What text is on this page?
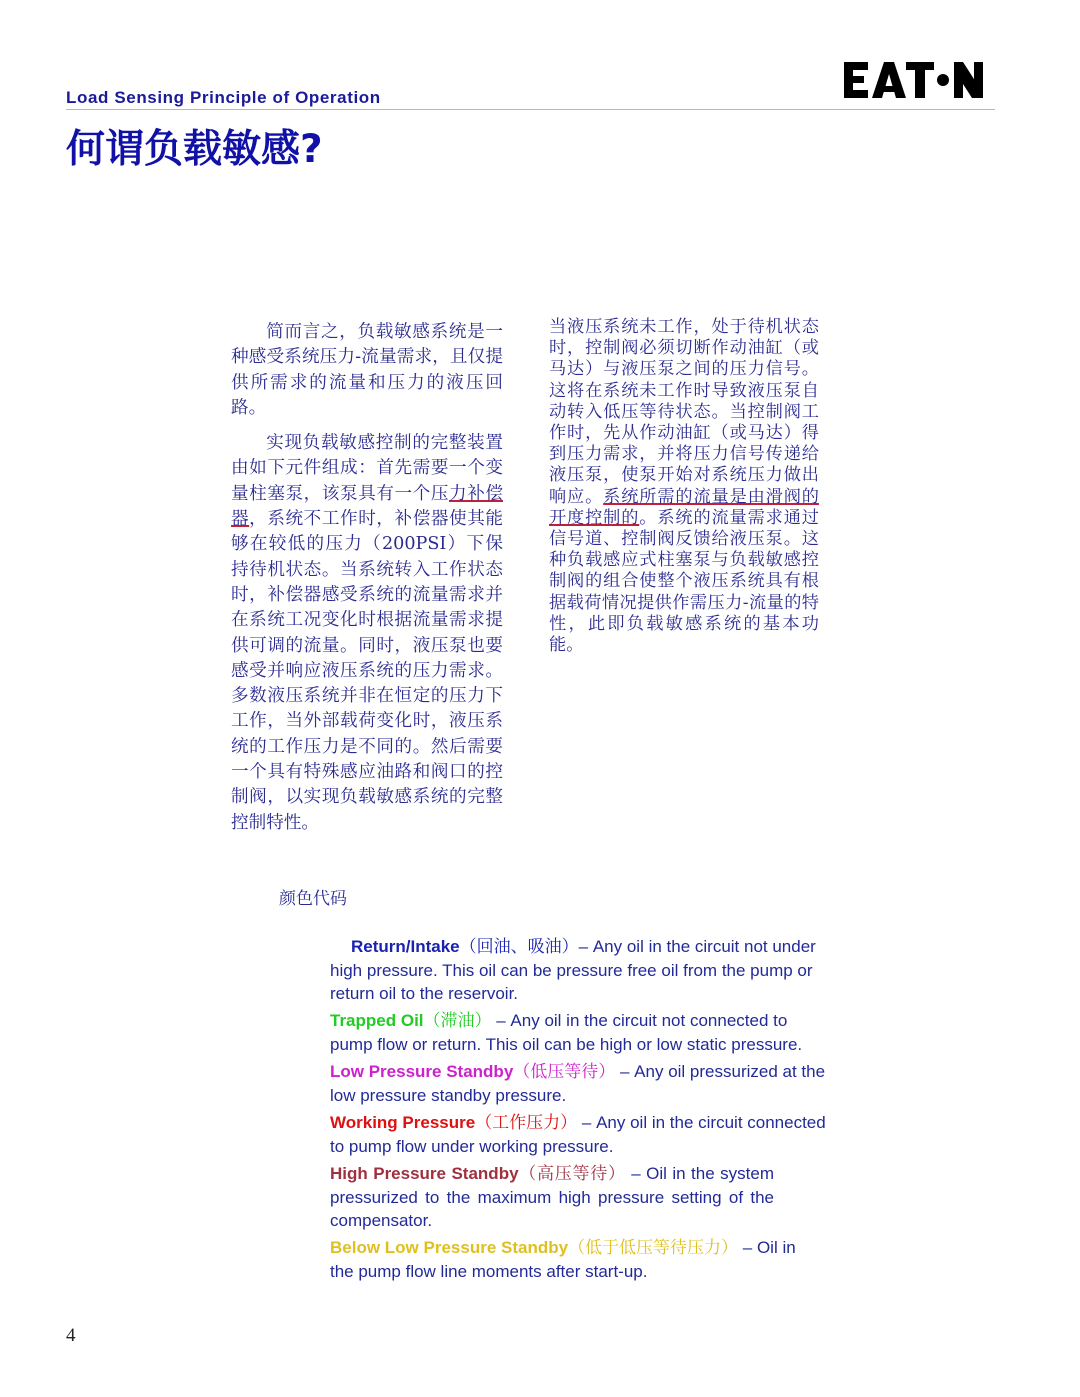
Load Sensing Principle of Operation
何谓负载敏感?

简而言之，负载敏感系统是一种感受系统压力-流量需求，且仅提供所需求的流量和压力的液压回路。

实现负载敏感控制的完整装置由如下元件组成：首先需要一个变量柱塞泵，该泵具有一个压力补偿器，系统不工作时，补偿器使其能够在较低的压力（200PSI）下保持待机状态。当系统转入工作状态时，补偿器感受系统的流量需求并在系统工况变化时根据流量需求提供可调的流量。同时，液压泵也要感受并响应液压系统的压力需求。多数液压系统并非在恒定的压力下工作，当外部载荷变化时，液压系统的工作压力是不同的。然后需要一个具有特殊感应油路和阀口的控制阀，以实现负载敏感系统的完整控制特性。

当液压系统未工作，处于待机状态时，控制阀必须切断作动油缸（或马达）与液压泵之间的压力信号。这将在系统未工作时导致液压泵自动转入低压等待状态。当控制阀工作时，先从作动油缸（或马达）得到压力需求，并将压力信号传递给液压泵，使泵开始对系统压力做出响应。系统所需的流量是由滑阀的开度控制的。系统的流量需求通过信号道、控制阀反馈给液压泵。这种负载感应式柱塞泵与负载敏感控制阀的组合使整个液压系统具有根据载荷情况提供作需压力-流量的特性，此即负载敏感系统的基本功能。

颜色代码
Return/Intake（回油、吸油）– Any oil in the circuit not under high pressure. This oil can be pressure free oil from the pump or return oil to the reservoir.
Trapped Oil（滞油） – Any oil in the circuit not connected to pump flow or return. This oil can be high or low static pressure.
Low Pressure Standby（低压等待） – Any oil pressurized at the low pressure standby pressure.
Working Pressure（工作压力） – Any oil in the circuit connected to pump flow under working pressure.
High Pressure Standby（高压等待） – Oil in the system pressurized to the maximum high pressure setting of the compensator.
Below Low Pressure Standby（低于低压等待压力） – Oil in the pump flow line moments after start-up.
4
